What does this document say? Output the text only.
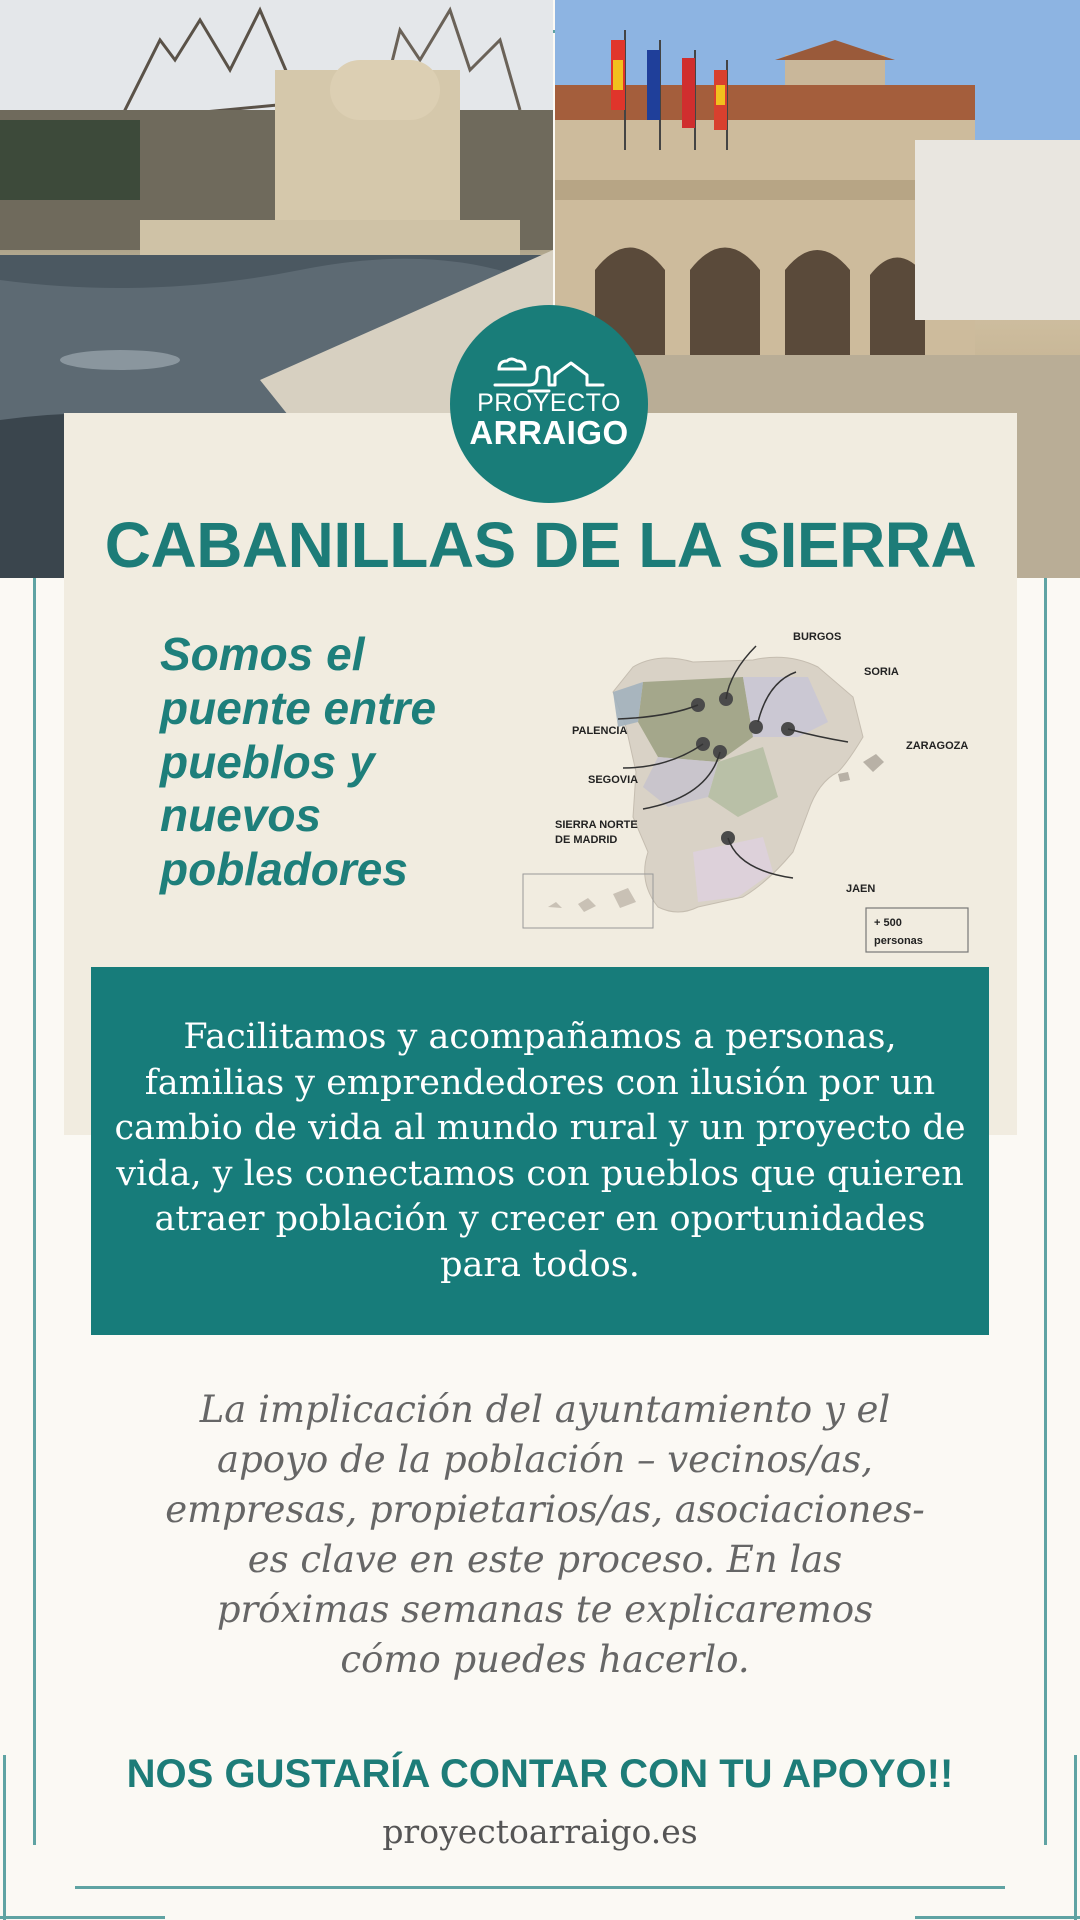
PROYECTO
ARRAIGO
CABANILLAS DE LA SIERRA
Somos el puente entre pueblos y nuevos pobladores
BURGOS
SORIA
PALENCIA
ZARAGOZA
SEGOVIA
SIERRA NORTE
DE MADRID
JAEN
+ 500
personas

Facilitamos y acompañamos a personas, familias y emprendedores con ilusión por un cambio de vida al mundo rural y un proyecto de vida, y les conectamos con pueblos que quieren atraer población y crecer en oportunidades para todos.

La implicación del ayuntamiento y el apoyo de la población – vecinos/as, empresas, propietarios/as, asociaciones- es clave en este proceso. En las próximas semanas te explicaremos cómo puedes hacerlo.
NOS GUSTARÍA CONTAR CON TU APOYO!!
proyectoarraigo.es
